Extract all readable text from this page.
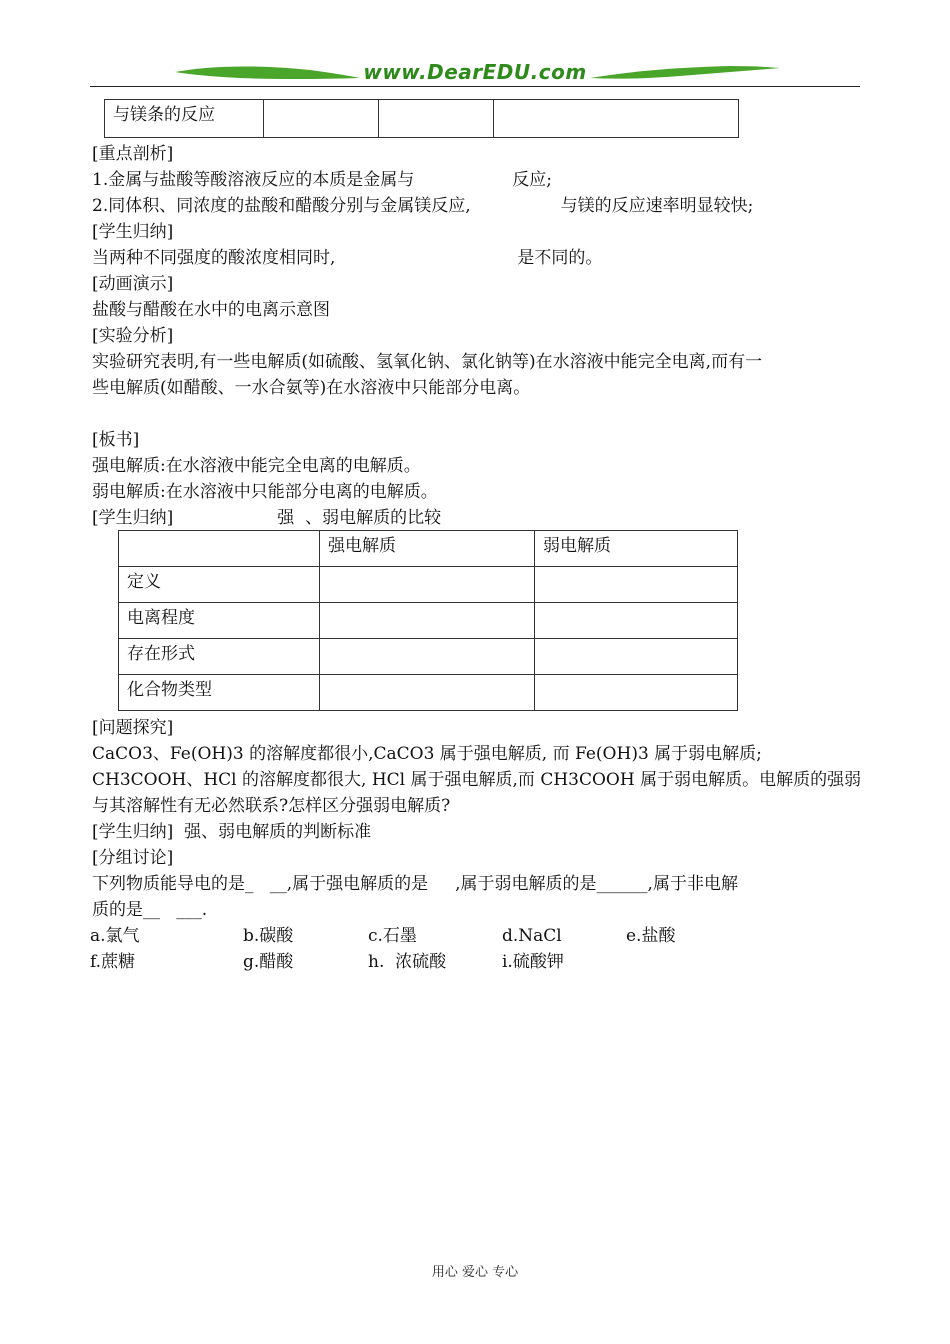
www.DearEDU.com
与镁条的反应			
[重点剖析]
1.金属与盐酸等酸溶液反应的本质是金属与	反应;
2.同体积、同浓度的盐酸和醋酸分别与金属镁反应,	与镁的反应速率明显较快;
[学生归纳]
当两种不同强度的酸浓度相同时,	是不同的。
[动画演示]
盐酸与醋酸在水中的电离示意图
[实验分析]
实验研究表明,有一些电解质(如硫酸、氢氧化钠、氯化钠等)在水溶液中能完全电离,而有一
些电解质(如醋酸、一水合氨等)在水溶液中只能部分电离。
[板书]
强电解质:在水溶液中能完全电离的电解质。
弱电解质:在水溶液中只能部分电离的电解质。
[学生归纳]	强  、弱电解质的比较
	强电解质	弱电解质
定义		
电离程度		
存在形式		
化合物类型		
[问题探究]
CaCO3、Fe(OH)3 的溶解度都很小,CaCO3 属于强电解质, 而 Fe(OH)3 属于弱电解质;
CH3COOH、HCl 的溶解度都很大, HCl 属于强电解质,而 CH3COOH 属于弱电解质。电解质的强弱
与其溶解性有无必然联系?怎样区分强弱电解质?
[学生归纳]  强、弱电解质的判断标准
[分组讨论]
下列物质能导电的是_   __,属于强电解质的是     ,属于弱电解质的是______,属于非电解
质的是__   ___.
a.氯气	b.碳酸	c.石墨	d.NaCl	e.盐酸
f.蔗糖	g.醋酸	h.  浓硫酸	i.硫酸钾
用心 爱心 专心
